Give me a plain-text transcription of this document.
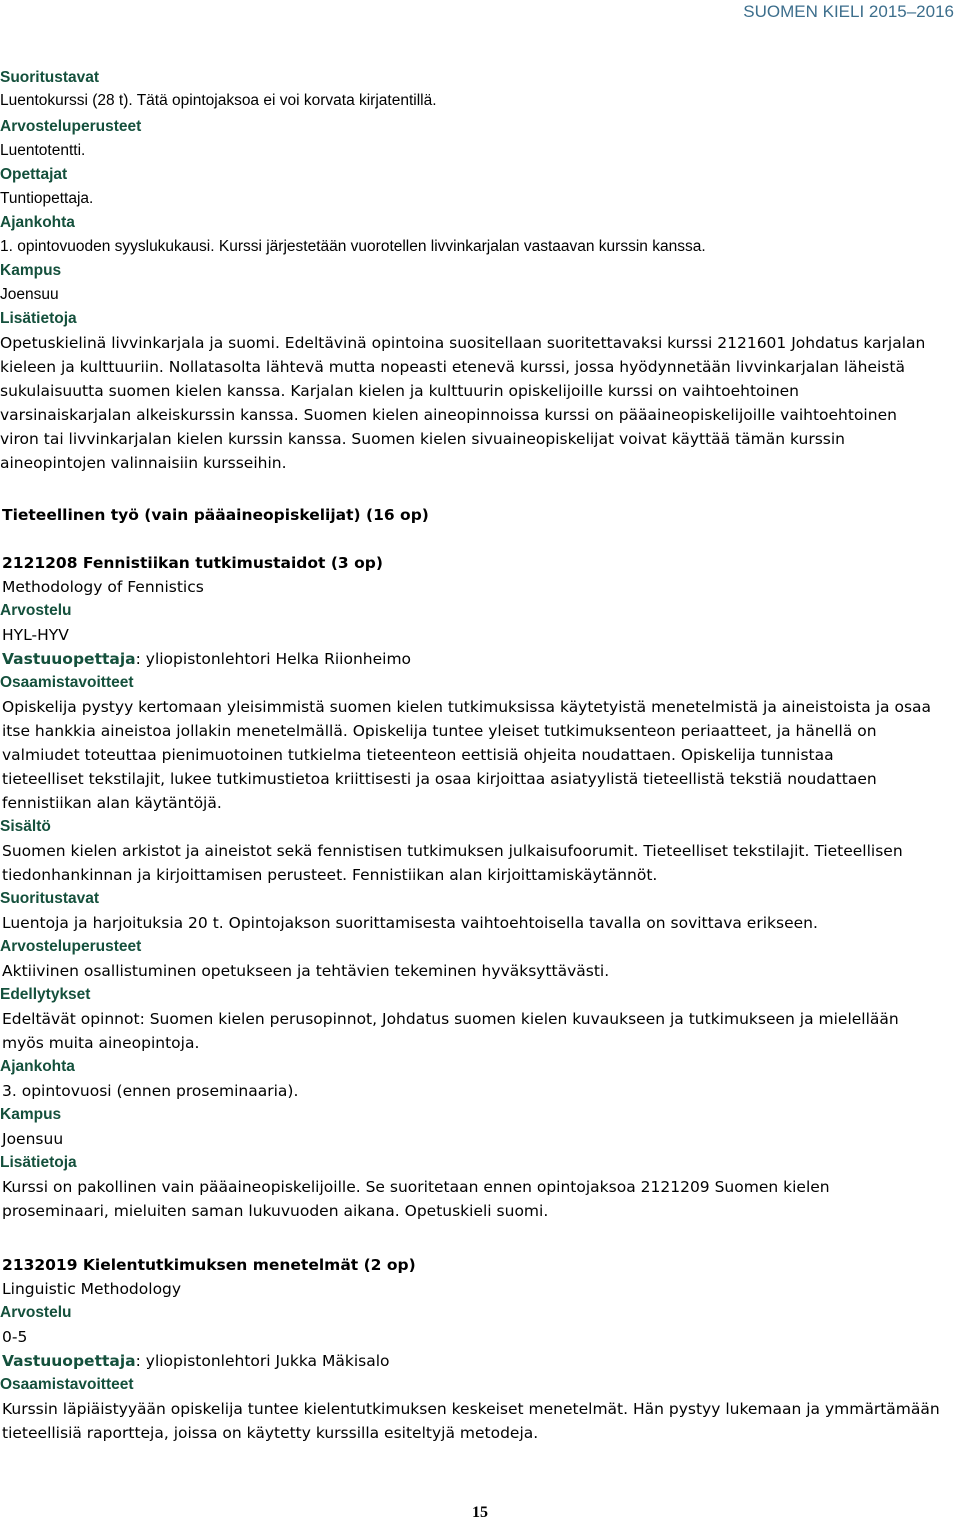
SUOMEN KIELI 2015–2016
Suoritustavat
Luentokurssi (28 t). Tätä opintojaksoa ei voi korvata kirjatentillä.
Arvosteluperusteet
Luentotentti.
Opettajat
Tuntiopettaja.
Ajankohta
1. opintovuoden syyslukukausi. Kurssi järjestetään vuorotellen livvinkarjalan vastaavan kurssin kanssa.
Kampus
Joensuu
Lisätietoja
Opetuskielinä livvinkarjala ja suomi. Edeltävinä opintoina suositellaan suoritettavaksi kurssi 2121601 Johdatus karjalan
kieleen ja kulttuuriin. Nollatasolta lähtevä mutta nopeasti etenevä kurssi, jossa hyödynnetään livvinkarjalan läheistä
sukulaisuutta suomen kielen kanssa. Karjalan kielen ja kulttuurin opiskelijoille kurssi on vaihtoehtoinen
varsinaiskarjalan alkeiskurssin kanssa. Suomen kielen aineopinnoissa kurssi on pääaineopiskelijoille vaihtoehtoinen
viron tai livvinkarjalan kielen kurssin kanssa. Suomen kielen sivuaineopiskelijat voivat käyttää tämän kurssin
aineopintojen valinnaisiin kursseihin.
Tieteellinen työ (vain pääaineopiskelijat) (16 op)
2121208 Fennistiikan tutkimustaidot (3 op)
Methodology of Fennistics
Arvostelu
HYL-HYV
Vastuuopettaja: yliopistonlehtori Helka Riionheimo
Osaamistavoitteet
Opiskelija pystyy kertomaan yleisimmistä suomen kielen tutkimuksissa käytetyistä menetelmistä ja aineistoista ja osaa
itse hankkia aineistoa jollakin menetelmällä. Opiskelija tuntee yleiset tutkimuksenteon periaatteet, ja hänellä on
valmiudet toteuttaa pienimuotoinen tutkielma tieteenteon eettisiä ohjeita noudattaen. Opiskelija tunnistaa
tieteelliset tekstilajit, lukee tutkimustietoa kriittisesti ja osaa kirjoittaa asiatyylistä tieteellistä tekstiä noudattaen
fennistiikan alan käytäntöjä.
Sisältö
Suomen kielen arkistot ja aineistot sekä fennistisen tutkimuksen julkaisufoorumit. Tieteelliset tekstilajit. Tieteellisen
tiedonhankinnan ja kirjoittamisen perusteet. Fennistiikan alan kirjoittamiskäytännöt.
Suoritustavat
Luentoja ja harjoituksia 20 t. Opintojakson suorittamisesta vaihtoehtoisella tavalla on sovittava erikseen.
Arvosteluperusteet
Aktiivinen osallistuminen opetukseen ja tehtävien tekeminen hyväksyttävästi.
Edellytykset
Edeltävät opinnot: Suomen kielen perusopinnot, Johdatus suomen kielen kuvaukseen ja tutkimukseen ja mielellään
myös muita aineopintoja.
Ajankohta
3. opintovuosi (ennen proseminaaria).
Kampus
Joensuu
Lisätietoja
Kurssi on pakollinen vain pääaineopiskelijoille. Se suoritetaan ennen opintojaksoa 2121209 Suomen kielen
proseminaari, mieluiten saman lukuvuoden aikana. Opetuskieli suomi.
2132019 Kielentutkimuksen menetelmät (2 op)
Linguistic Methodology
Arvostelu
0-5
Vastuuopettaja: yliopistonlehtori Jukka Mäkisalo
Osaamistavoitteet
Kurssin läpiäistyyään opiskelija tuntee kielentutkimuksen keskeiset menetelmät. Hän pystyy lukemaan ja ymmärtämään
tieteellisiä raportteja, joissa on käytetty kurssilla esiteltyjä metodeja.
15
